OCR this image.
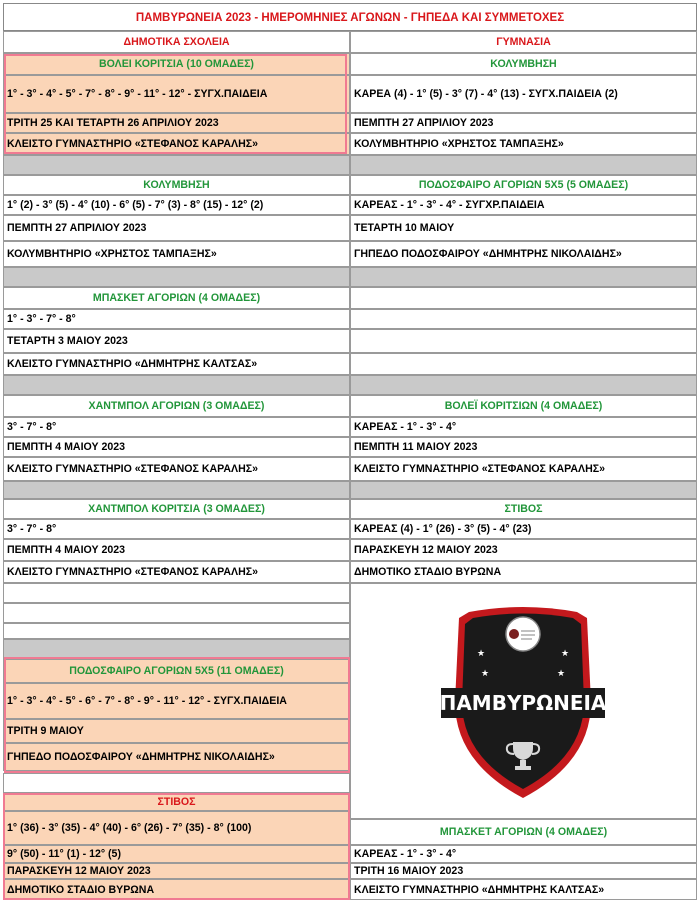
ΠΑΜΒΥΡΩΝΕΙΑ 2023 - ΗΜΕΡΟΜΗΝΙΕΣ ΑΓΩΝΩΝ - ΓΗΠΕΔΑ ΚΑΙ ΣΥΜΜΕΤΟΧΕΣ
ΔΗΜΟΤΙΚΑ ΣΧΟΛΕΙΑ
ΒΟΛΕΙ ΚΟΡΙΤΣΙΑ (10 ΟΜΑΔΕΣ)
1° - 3° - 4° - 5° - 7° - 8° - 9° - 11° - 12° - ΣΥΓΧ.ΠΑΙΔΕΙΑ
ΤΡΙΤΗ 25 ΚΑΙ ΤΕΤΑΡΤΗ 26 ΑΠΡΙΛΙΟΥ 2023
ΚΛΕΙΣΤΟ ΓΥΜΝΑΣΤΗΡΙΟ «ΣΤΕΦΑΝΟΣ ΚΑΡΑΛΗΣ»
ΚΟΛΥΜΒΗΣΗ
1° (2) - 3° (5) - 4° (10) - 6° (5) - 7° (3) - 8° (15) - 12° (2)
ΠΕΜΠΤΗ 27 ΑΠΡΙΛΙΟΥ 2023
ΚΟΛΥΜΒΗΤΗΡΙΟ «ΧΡΗΣΤΟΣ ΤΑΜΠΑΞΗΣ»
ΜΠΑΣΚΕΤ ΑΓΟΡΙΩΝ (4 ΟΜΑΔΕΣ)
1° - 3° - 7° - 8°
ΤΕΤΑΡΤΗ 3 ΜΑΙΟΥ 2023
ΚΛΕΙΣΤΟ ΓΥΜΝΑΣΤΗΡΙΟ «ΔΗΜΗΤΡΗΣ ΚΑΛΤΣΑΣ»
ΧΑΝΤΜΠΟΛ ΑΓΟΡΙΩΝ (3 ΟΜΑΔΕΣ)
3° - 7° - 8°
ΠΕΜΠΤΗ 4 ΜΑΙΟΥ 2023
ΚΛΕΙΣΤΟ ΓΥΜΝΑΣΤΗΡΙΟ «ΣΤΕΦΑΝΟΣ ΚΑΡΑΛΗΣ»
ΧΑΝΤΜΠΟΛ ΚΟΡΙΤΣΙΑ (3 ΟΜΑΔΕΣ)
3° - 7° - 8°
ΠΕΜΠΤΗ 4 ΜΑΙΟΥ 2023
ΚΛΕΙΣΤΟ ΓΥΜΝΑΣΤΗΡΙΟ «ΣΤΕΦΑΝΟΣ ΚΑΡΑΛΗΣ»
ΠΟΔΟΣΦΑΙΡΟ ΑΓΟΡΙΩΝ 5Χ5 (11 ΟΜΑΔΕΣ)
1° - 3° - 4° - 5° - 6° - 7° - 8° - 9° - 11° - 12° - ΣΥΓΧ.ΠΑΙΔΕΙΑ
ΤΡΙΤΗ 9 ΜΑΙΟΥ
ΓΗΠΕΔΟ ΠΟΔΟΣΦΑΙΡΟΥ «ΔΗΜΗΤΡΗΣ ΝΙΚΟΛΑΙΔΗΣ»
ΣΤΙΒΟΣ
1° (36) - 3° (35) - 4° (40) - 6° (26) - 7° (35) - 8° (100)
9° (50) - 11° (1) - 12° (5)
ΠΑΡΑΣΚΕΥΗ 12 ΜΑΙΟΥ 2023
ΔΗΜΟΤΙΚΟ ΣΤΑΔΙΟ ΒΥΡΩΝΑ
ΓΥΜΝΑΣΙΑ
ΚΟΛΥΜΒΗΣΗ
ΚΑΡΕΑ (4) - 1° (5) - 3° (7) - 4° (13) - ΣΥΓΧ.ΠΑΙΔΕΙΑ (2)
ΠΕΜΠΤΗ 27 ΑΠΡΙΛΙΟΥ 2023
ΚΟΛΥΜΒΗΤΗΡΙΟ «ΧΡΗΣΤΟΣ ΤΑΜΠΑΞΗΣ»
ΠΟΔΟΣΦΑΙΡΟ ΑΓΟΡΙΩΝ 5Χ5 (5 ΟΜΑΔΕΣ)
ΚΑΡΕΑΣ - 1° - 3° - 4° - ΣΥΓΧΡ.ΠΑΙΔΕΙΑ
ΤΕΤΑΡΤΗ 10 ΜΑΙΟΥ
ΓΗΠΕΔΟ ΠΟΔΟΣΦΑΙΡΟΥ «ΔΗΜΗΤΡΗΣ ΝΙΚΟΛΑΙΔΗΣ»
ΒΟΛΕΪ ΚΟΡΙΤΣΙΩΝ (4 ΟΜΑΔΕΣ)
ΚΑΡΕΑΣ - 1° - 3° - 4°
ΠΕΜΠΤΗ 11 ΜΑΙΟΥ 2023
ΚΛΕΙΣΤΟ ΓΥΜΝΑΣΤΗΡΙΟ «ΣΤΕΦΑΝΟΣ ΚΑΡΑΛΗΣ»
ΣΤΙΒΟΣ
ΚΑΡΕΑΣ (4) - 1° (26) - 3° (5) - 4° (23)
ΠΑΡΑΣΚΕΥΗ 12 ΜΑΙΟΥ 2023
ΔΗΜΟΤΙΚΟ ΣΤΑΔΙΟ ΒΥΡΩΝΑ
★
★
★
★
ΠΑΜΒΥΡΩΝΕΙΑ
ΜΠΑΣΚΕΤ ΑΓΟΡΙΩΝ (4 ΟΜΑΔΕΣ)
ΚΑΡΕΑΣ - 1° - 3° - 4°
ΤΡΙΤΗ 16 ΜΑΙΟΥ 2023
ΚΛΕΙΣΤΟ ΓΥΜΝΑΣΤΗΡΙΟ «ΔΗΜΗΤΡΗΣ ΚΑΛΤΣΑΣ»
